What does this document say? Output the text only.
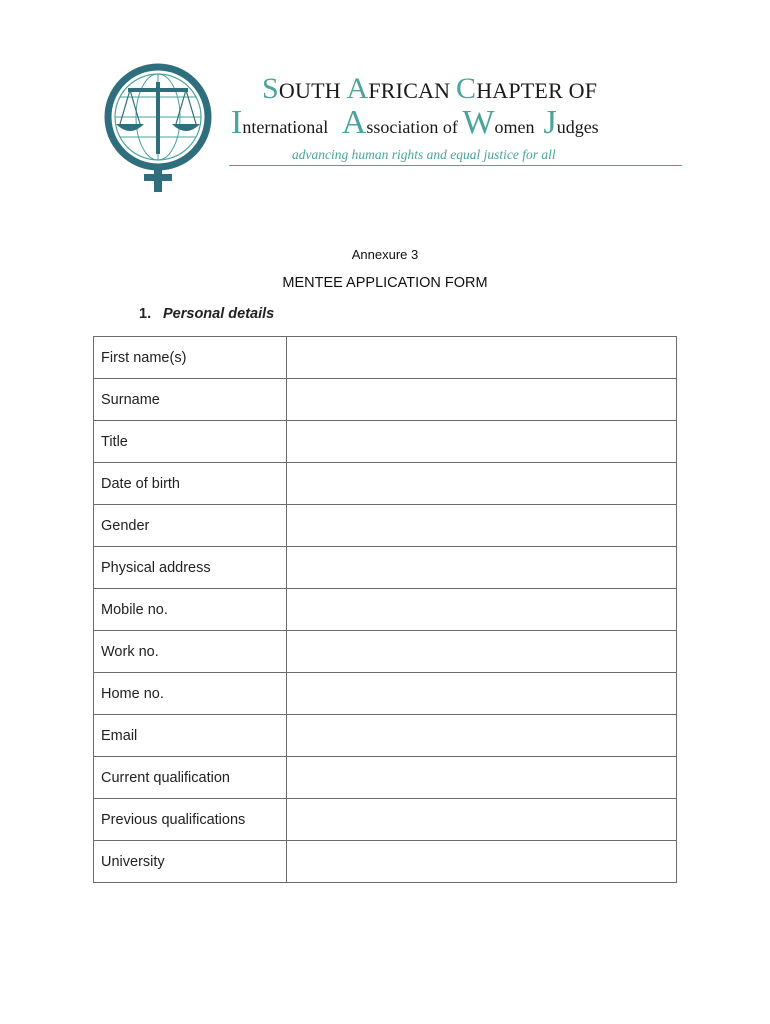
SOUTH AFRICAN CHAPTER OF
International   Association of Women  Judges
advancing human rights and equal justice for all
Annexure 3
MENTEE APPLICATION FORM
1. Personal details
First name(s)	
Surname	
Title	
Date of birth	
Gender	
Physical address	
Mobile no.	
Work no.	
Home no.	
Email	
Current qualification	
Previous qualifications	
University	
